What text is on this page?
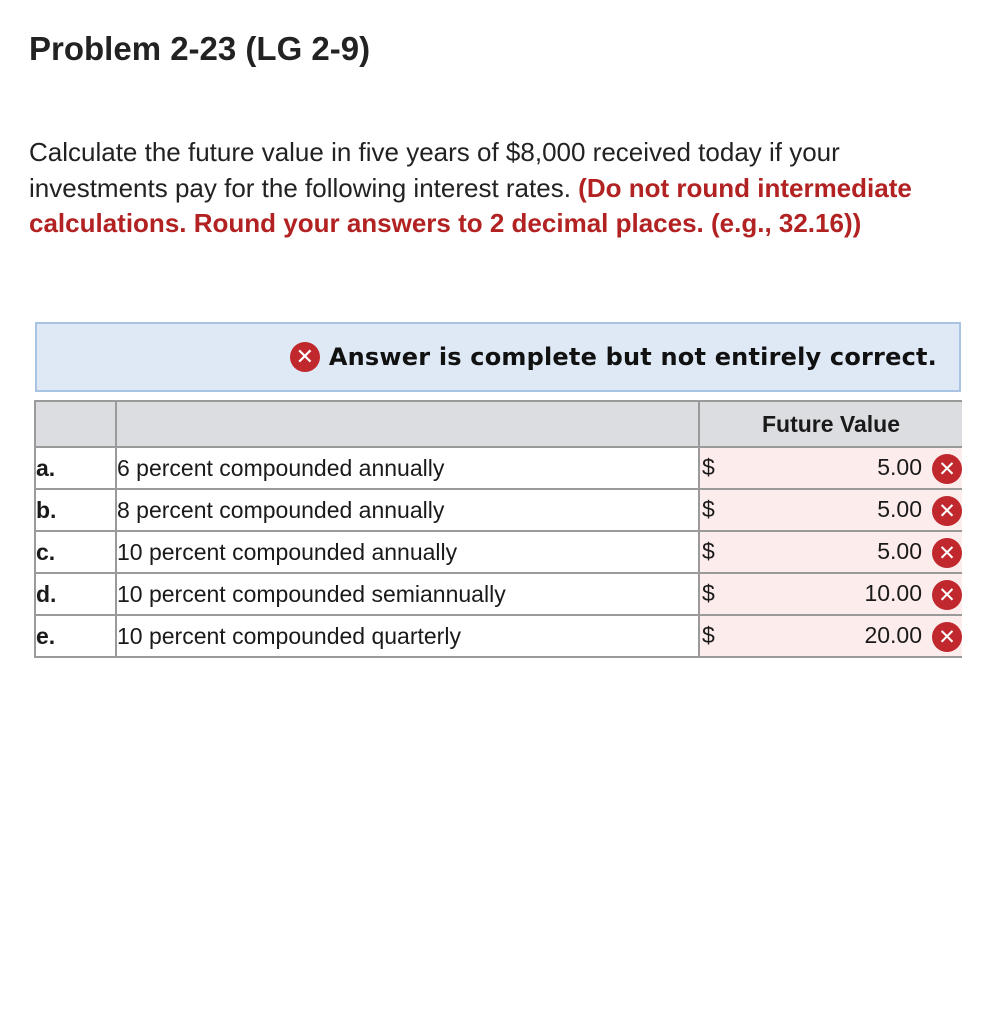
Problem 2-23 (LG 2-9)
Calculate the future value in five years of $8,000 received today if your investments pay for the following interest rates. (Do not round intermediate calculations. Round your answers to 2 decimal places. (e.g., 32.16))
✕ Answer is complete but not entirely correct.
		Future Value
a.	6 percent compounded annually	$ 5.00 ✕

b.	8 percent compounded annually	$ 5.00 ✕

c.	10 percent compounded annually	$ 5.00 ✕

d.	10 percent compounded semiannually	$ 10.00 ✕

e.	10 percent compounded quarterly	$ 20.00 ✕
